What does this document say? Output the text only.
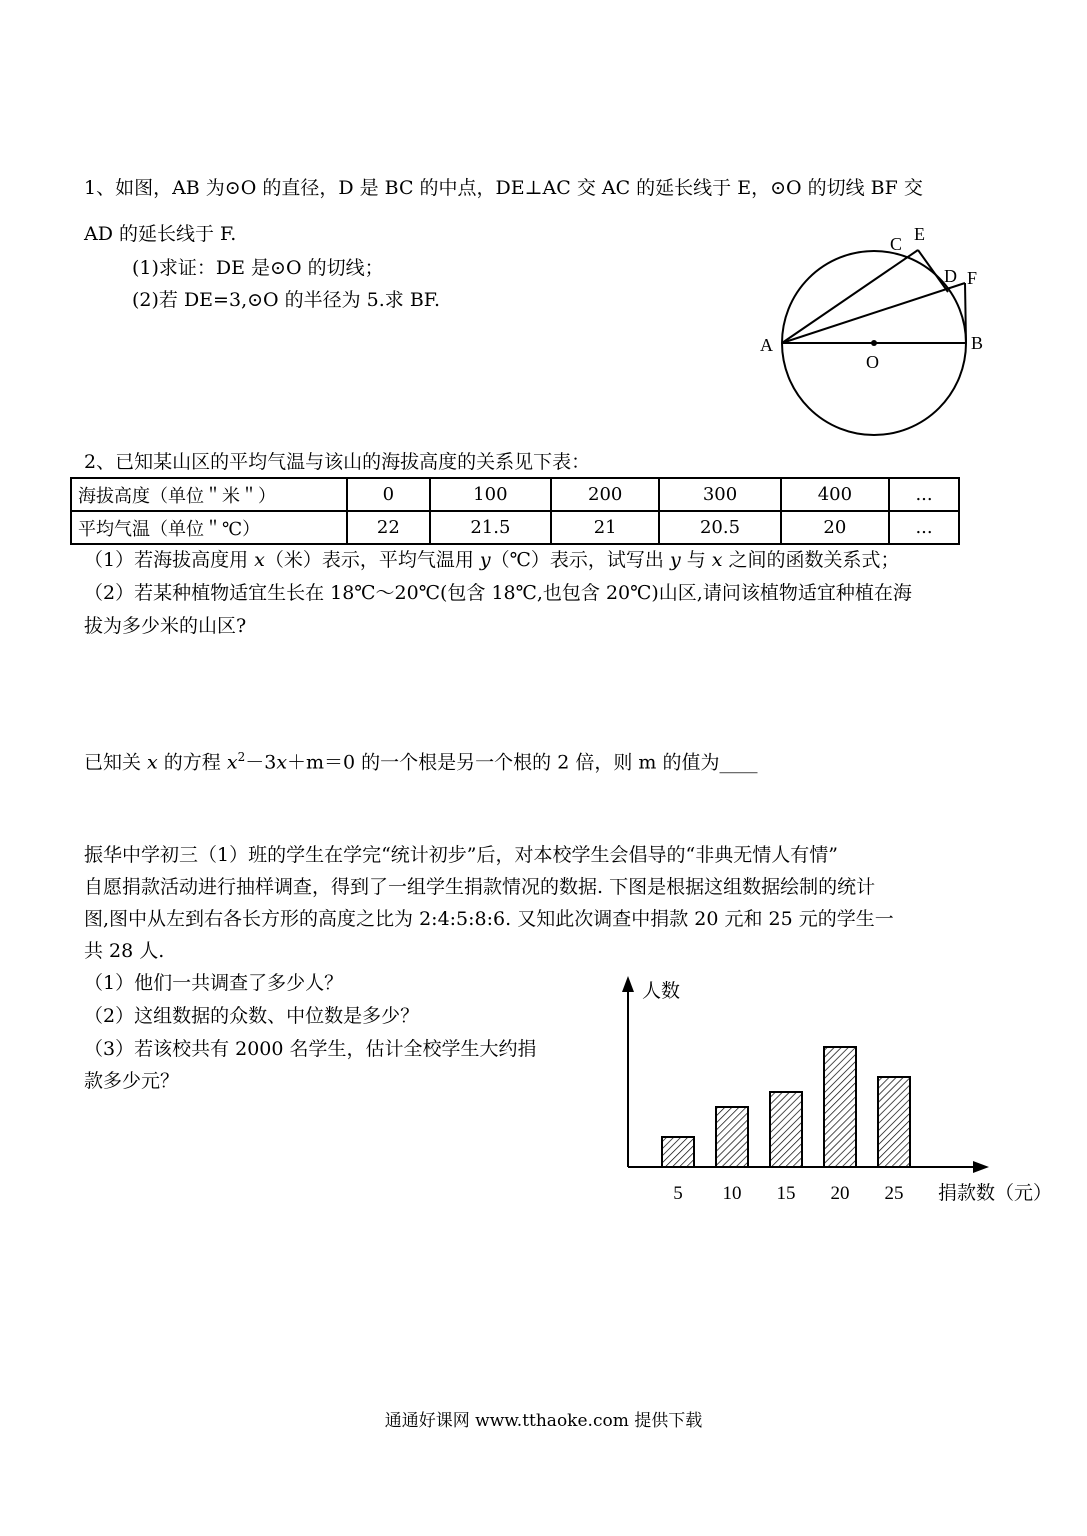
1、如图，AB 为⊙O 的直径，D 是 BC 的中点，DE⊥AC 交 AC 的延长线于 E，⊙O 的切线 BF 交
AD 的延长线于 F.
(1)求证：DE 是⊙O 的切线；
(2)若 DE=3,⊙O 的半径为 5.求 BF.
A	B
C
D
E
F
O
2、已知某山区的平均气温与该山的海拔高度的关系见下表：
海拔高度（单位＂米＂）	0	100	200	300	400	...
平均气温（单位＂℃）	22	21.5	21	20.5	20	...
（1）若海拔高度用 x（米）表示，平均气温用 y（℃）表示，试写出 y 与 x 之间的函数关系式；
（2）若某种植物适宜生长在 18℃～20℃(包含 18℃,也包含 20℃)山区,请问该植物适宜种植在海
拔为多少米的山区?
已知关 x 的方程 $x^2-3x+m=0$ 的一个根是另一个根的 2 倍，则 m 的值为____
振华中学初三（1）班的学生在学完“统计初步”后，对本校学生会倡导的“非典无情人有情”
自愿捐款活动进行抽样调查，得到了一组学生捐款情况的数据. 下图是根据这组数据绘制的统计
图,图中从左到右各长方形的高度之比为 2:4:5:8:6. 又知此次调查中捐款 20 元和 25 元的学生一
共 28 人.
（1）他们一共调查了多少人？
（2）这组数据的众数、中位数是多少？
（3）若该校共有 2000 名学生，估计全校学生大约捐
款多少元？
人数
捐款数（元）
5 10 15 20 25
通通好课网 www.tthaoke.com 提供下载
